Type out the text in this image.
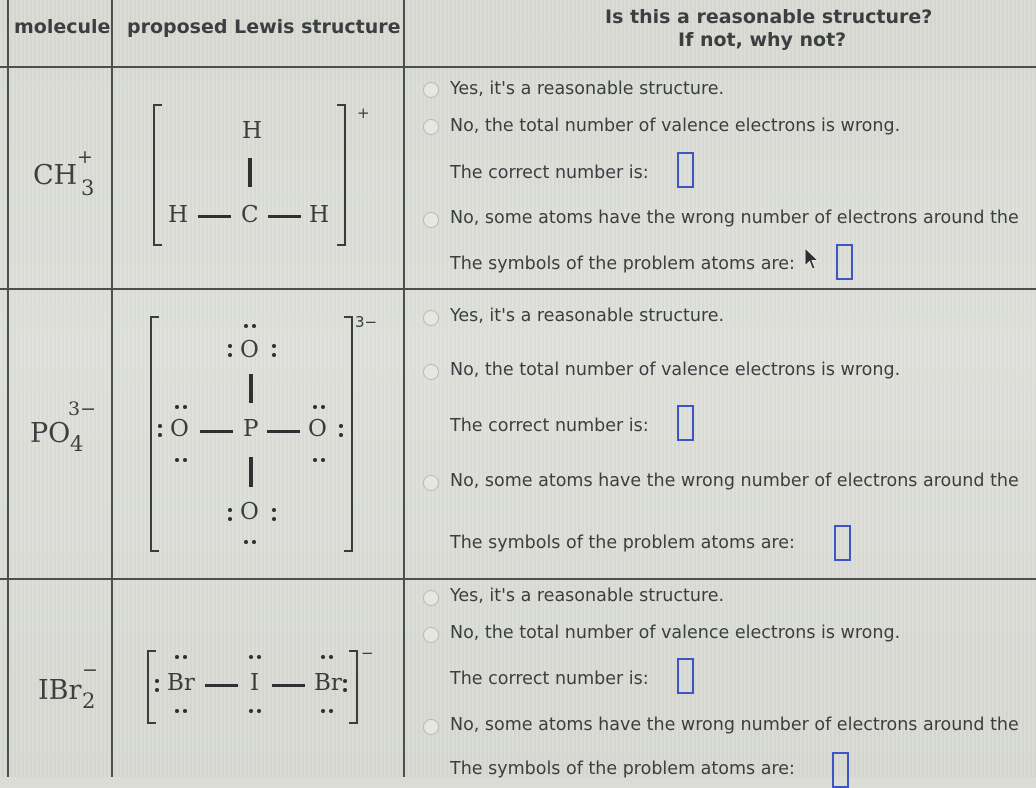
molecule proposed Lewis structure	Is this a reasonable structure?
If not, why not?
CH
+
3
+
H
H C H
Yes, it's a reasonable structure.
No, the total number of valence electrons is wrong.
The correct number is:
No, some atoms have the wrong number of electrons around the
The symbols of the problem atoms are:
PO
3−
4
3−
O
O P O
O
Yes, it's a reasonable structure.
No, the total number of valence electrons is wrong.
The correct number is:
No, some atoms have the wrong number of electrons around the
The symbols of the problem atoms are:
IBr
−
2
−
Br I Br
Yes, it's a reasonable structure.
No, the total number of valence electrons is wrong.
The correct number is:
No, some atoms have the wrong number of electrons around the
The symbols of the problem atoms are:
